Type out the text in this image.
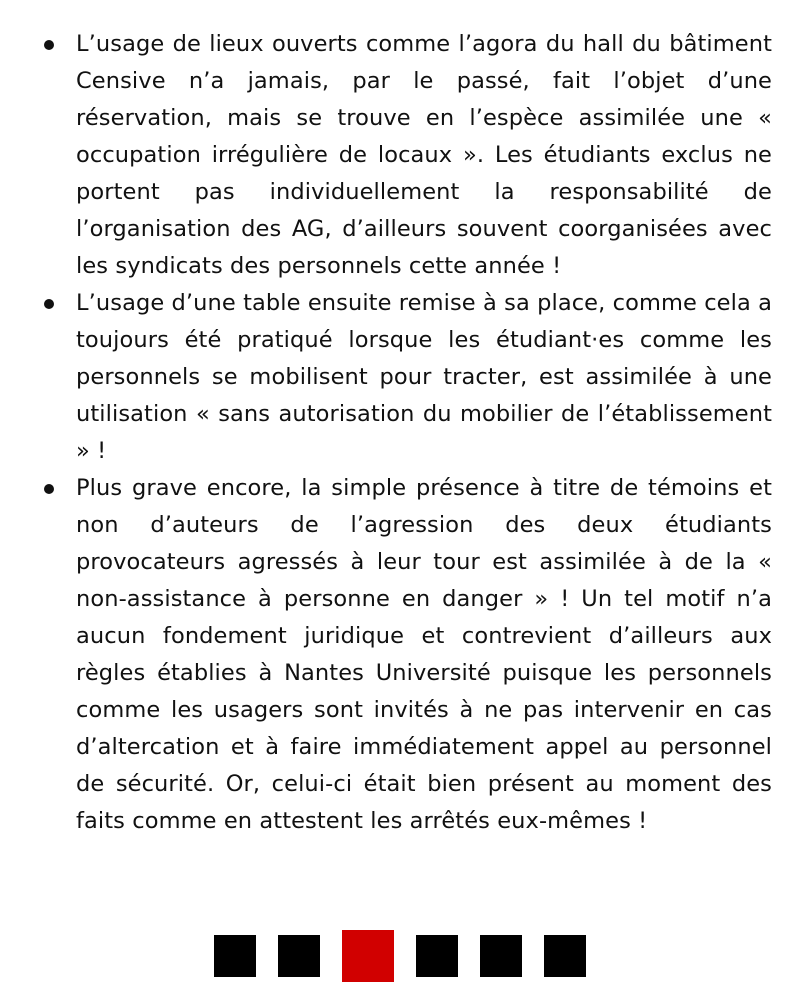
L’usage de lieux ouverts comme l’agora du hall du bâtiment Censive n’a jamais, par le passé, fait l’objet d’une réservation, mais se trouve en l’espèce assimilée une « occupation irrégulière de locaux ». Les étudiants exclus ne portent pas individuellement la responsabilité de l’organisation des AG, d’ailleurs souvent coorganisées avec les syndicats des personnels cette année !
L’usage d’une table ensuite remise à sa place, comme cela a toujours été pratiqué lorsque les étudiant·es comme les personnels se mobilisent pour tracter, est assimilée à une utilisation « sans autorisation du mobilier de l’établissement » !
Plus grave encore, la simple présence à titre de témoins et non d’auteurs de l’agression des deux étudiants provocateurs agressés à leur tour est assimilée à de la « non-assistance à personne en danger » ! Un tel motif n’a aucun fondement juridique et contrevient d’ailleurs aux règles établies à Nantes Université puisque les personnels comme les usagers sont invités à ne pas intervenir en cas d’altercation et à faire immédiatement appel au personnel de sécurité. Or, celui-ci était bien présent au moment des faits comme en attestent les arrêtés eux-mêmes !
